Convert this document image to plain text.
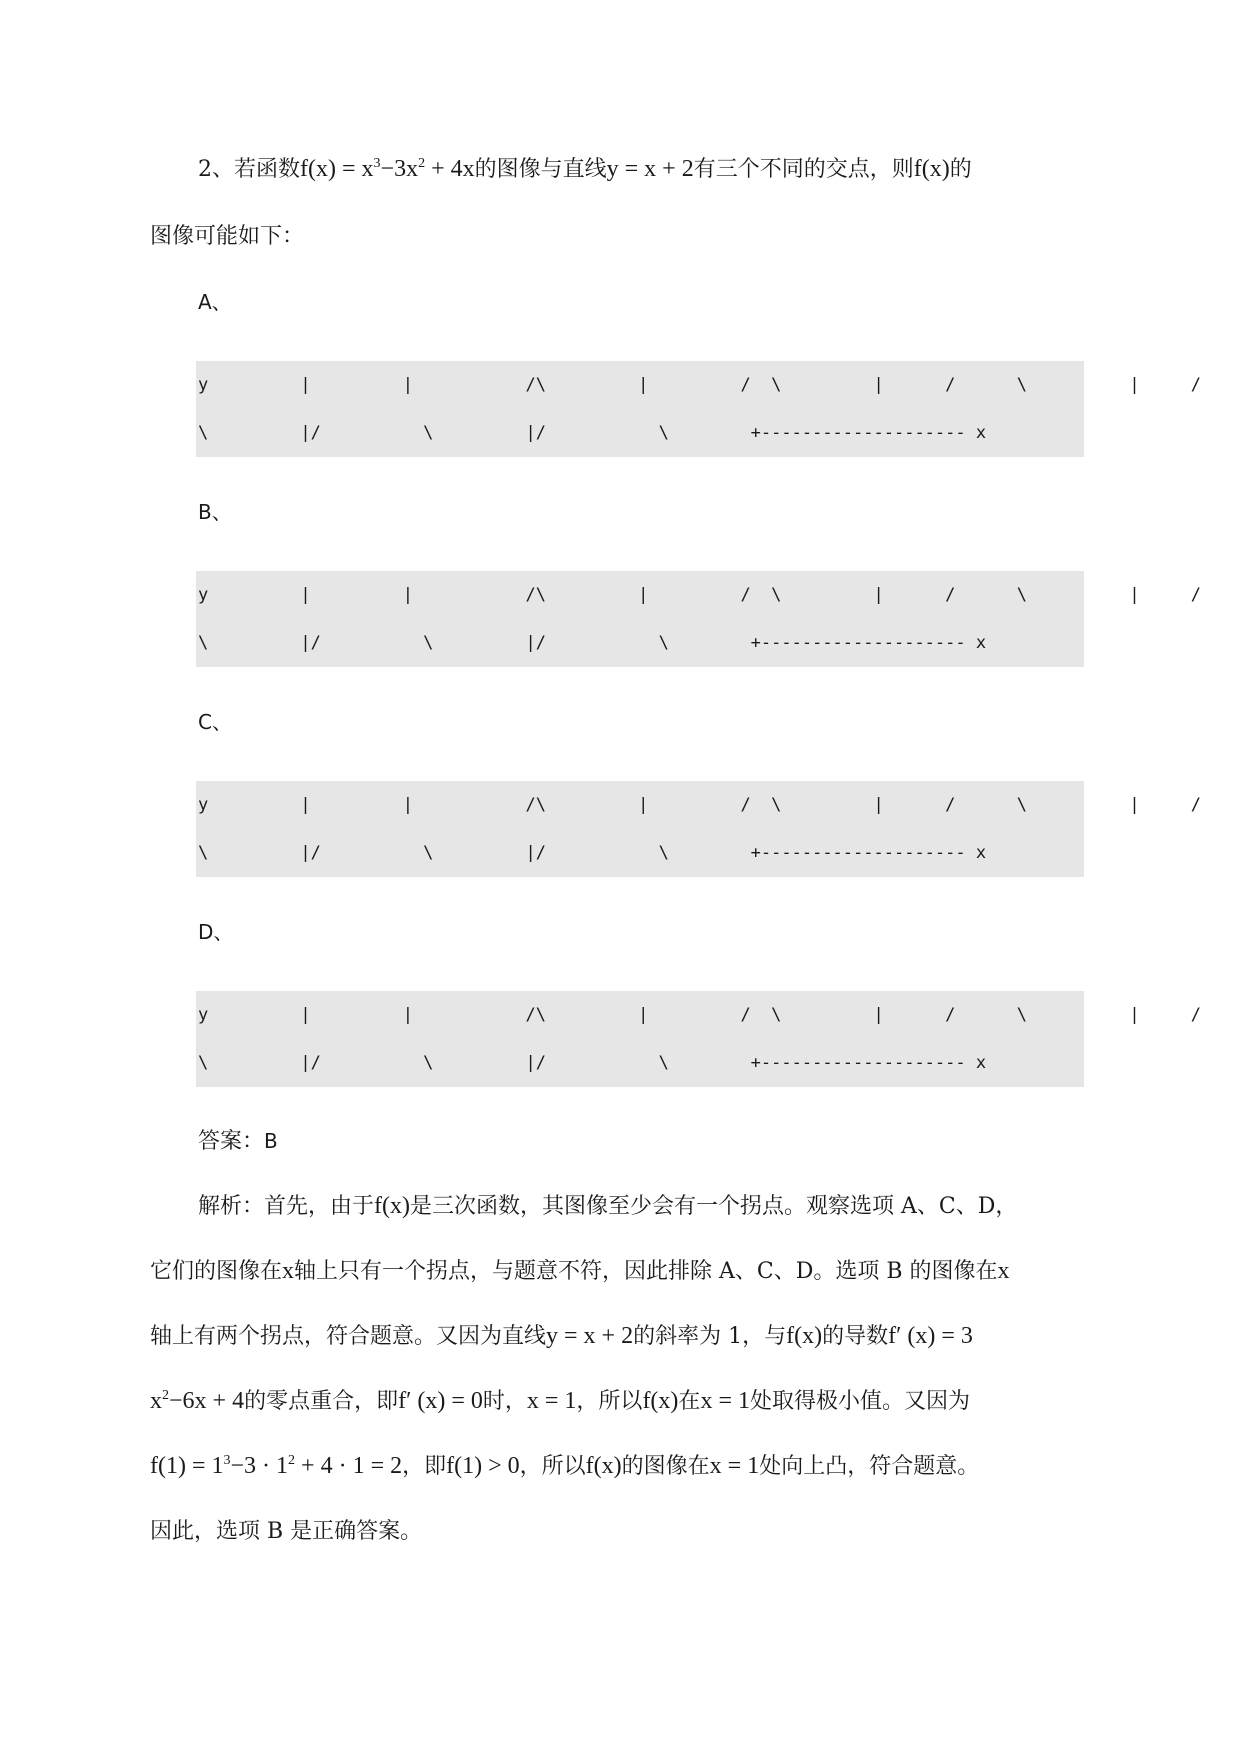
2、若函数$f(x) = x^3-3x^2 + 4x$的图像与直线y = x + 2有三个不同的交点，则f(x)的

图像可能如下：

A、

y         |         |           /\         |         /  \         |      /      \          |     /

\         |/          \         |/           \        +-------------------- x

B、

y         |         |           /\         |         /  \         |      /      \          |     /

\         |/          \         |/           \        +-------------------- x

C、

y         |         |           /\         |         /  \         |      /      \          |     /

\         |/          \         |/           \        +-------------------- x

D、

y         |         |           /\         |         /  \         |      /      \          |     /

\         |/          \         |/           \        +-------------------- x

答案：B

解析：首先，由于f(x)是三次函数，其图像至少会有一个拐点。观察选项 A、C、D，

它们的图像在x轴上只有一个拐点，与题意不符，因此排除 A、C、D。选项 B 的图像在x

轴上有两个拐点，符合题意。又因为直线y = x + 2的斜率为 1，与f(x)的导数f′ (x) = 3

$x^2-6x + 4$的零点重合，即f′ (x) = 0时，x = 1，所以f(x)在x = 1处取得极小值。又因为

$f(1) = 1^3-3 \cdot 1^2 + 4 \cdot 1 = 2$，即f(1) > 0，所以f(x)的图像在x = 1处向上凸，符合题意。

因此，选项 B 是正确答案。
